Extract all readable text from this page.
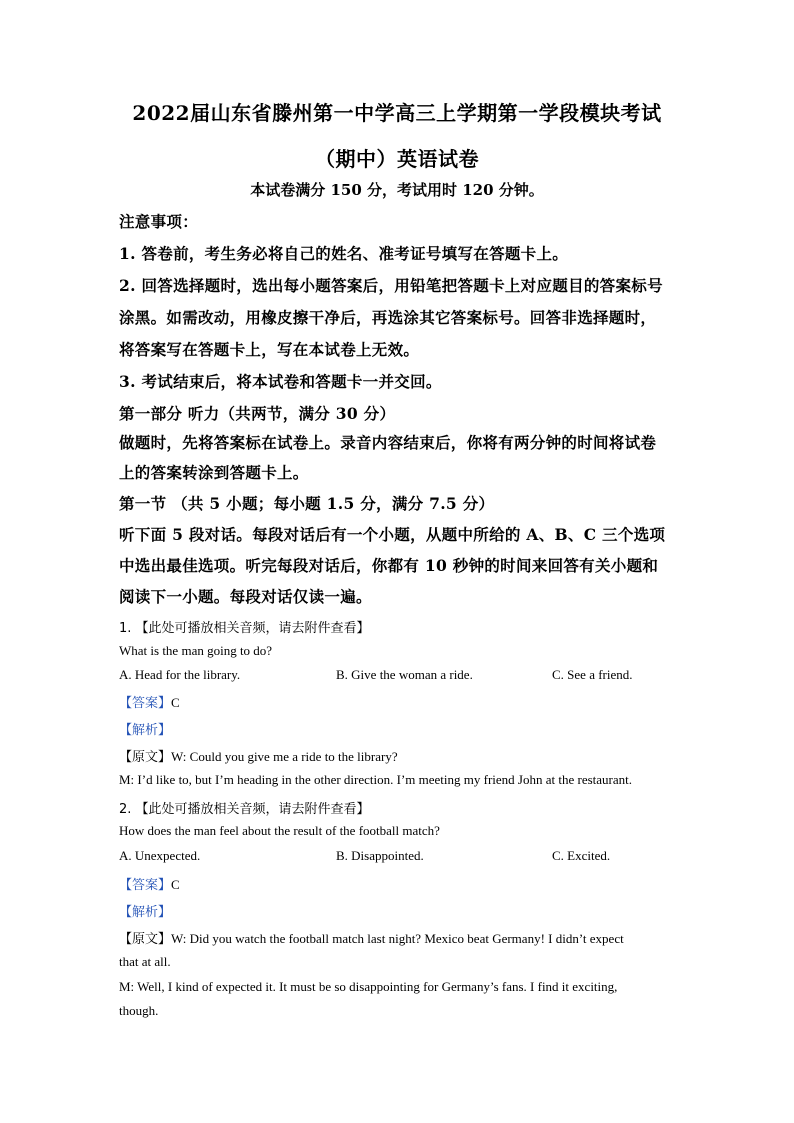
2022届山东省滕州第一中学高三上学期第一学段模块考试
（期中）英语试卷
本试卷满分 150 分，考试用时 120 分钟。
注意事项：
1. 答卷前，考生务必将自己的姓名、准考证号填写在答题卡上。
2. 回答选择题时，选出每小题答案后，用铅笔把答题卡上对应题目的答案标号
涂黑。如需改动，用橡皮擦干净后，再选涂其它答案标号。回答非选择题时，
将答案写在答题卡上，写在本试卷上无效。
3. 考试结束后，将本试卷和答题卡一并交回。
第一部分 听力（共两节，满分 30 分）
做题时，先将答案标在试卷上。录音内容结束后，你将有两分钟的时间将试卷
上的答案转涂到答题卡上。
第一节 （共 5 小题；每小题 1.5 分，满分 7.5 分）
听下面 5 段对话。每段对话后有一个小题，从题中所给的 A、B、C 三个选项
中选出最佳选项。听完每段对话后，你都有 10 秒钟的时间来回答有关小题和
阅读下一小题。每段对话仅读一遍。
1. 【此处可播放相关音频，请去附件查看】
What is the man going to do?
A. Head for the library.	B. Give the woman a ride.	C. See a friend.
【答案】C
【解析】
【原文】W: Could you give me a ride to the library?
M: I’d like to, but I’m heading in the other direction. I’m meeting my friend John at the restaurant.
2. 【此处可播放相关音频，请去附件查看】
How does the man feel about the result of the football match?
A. Unexpected.	B. Disappointed.	C. Excited.
【答案】C
【解析】
【原文】W: Did you watch the football match last night? Mexico beat Germany! I didn’t expect
that at all.
M: Well, I kind of expected it. It must be so disappointing for Germany’s fans. I find it exciting,
though.
